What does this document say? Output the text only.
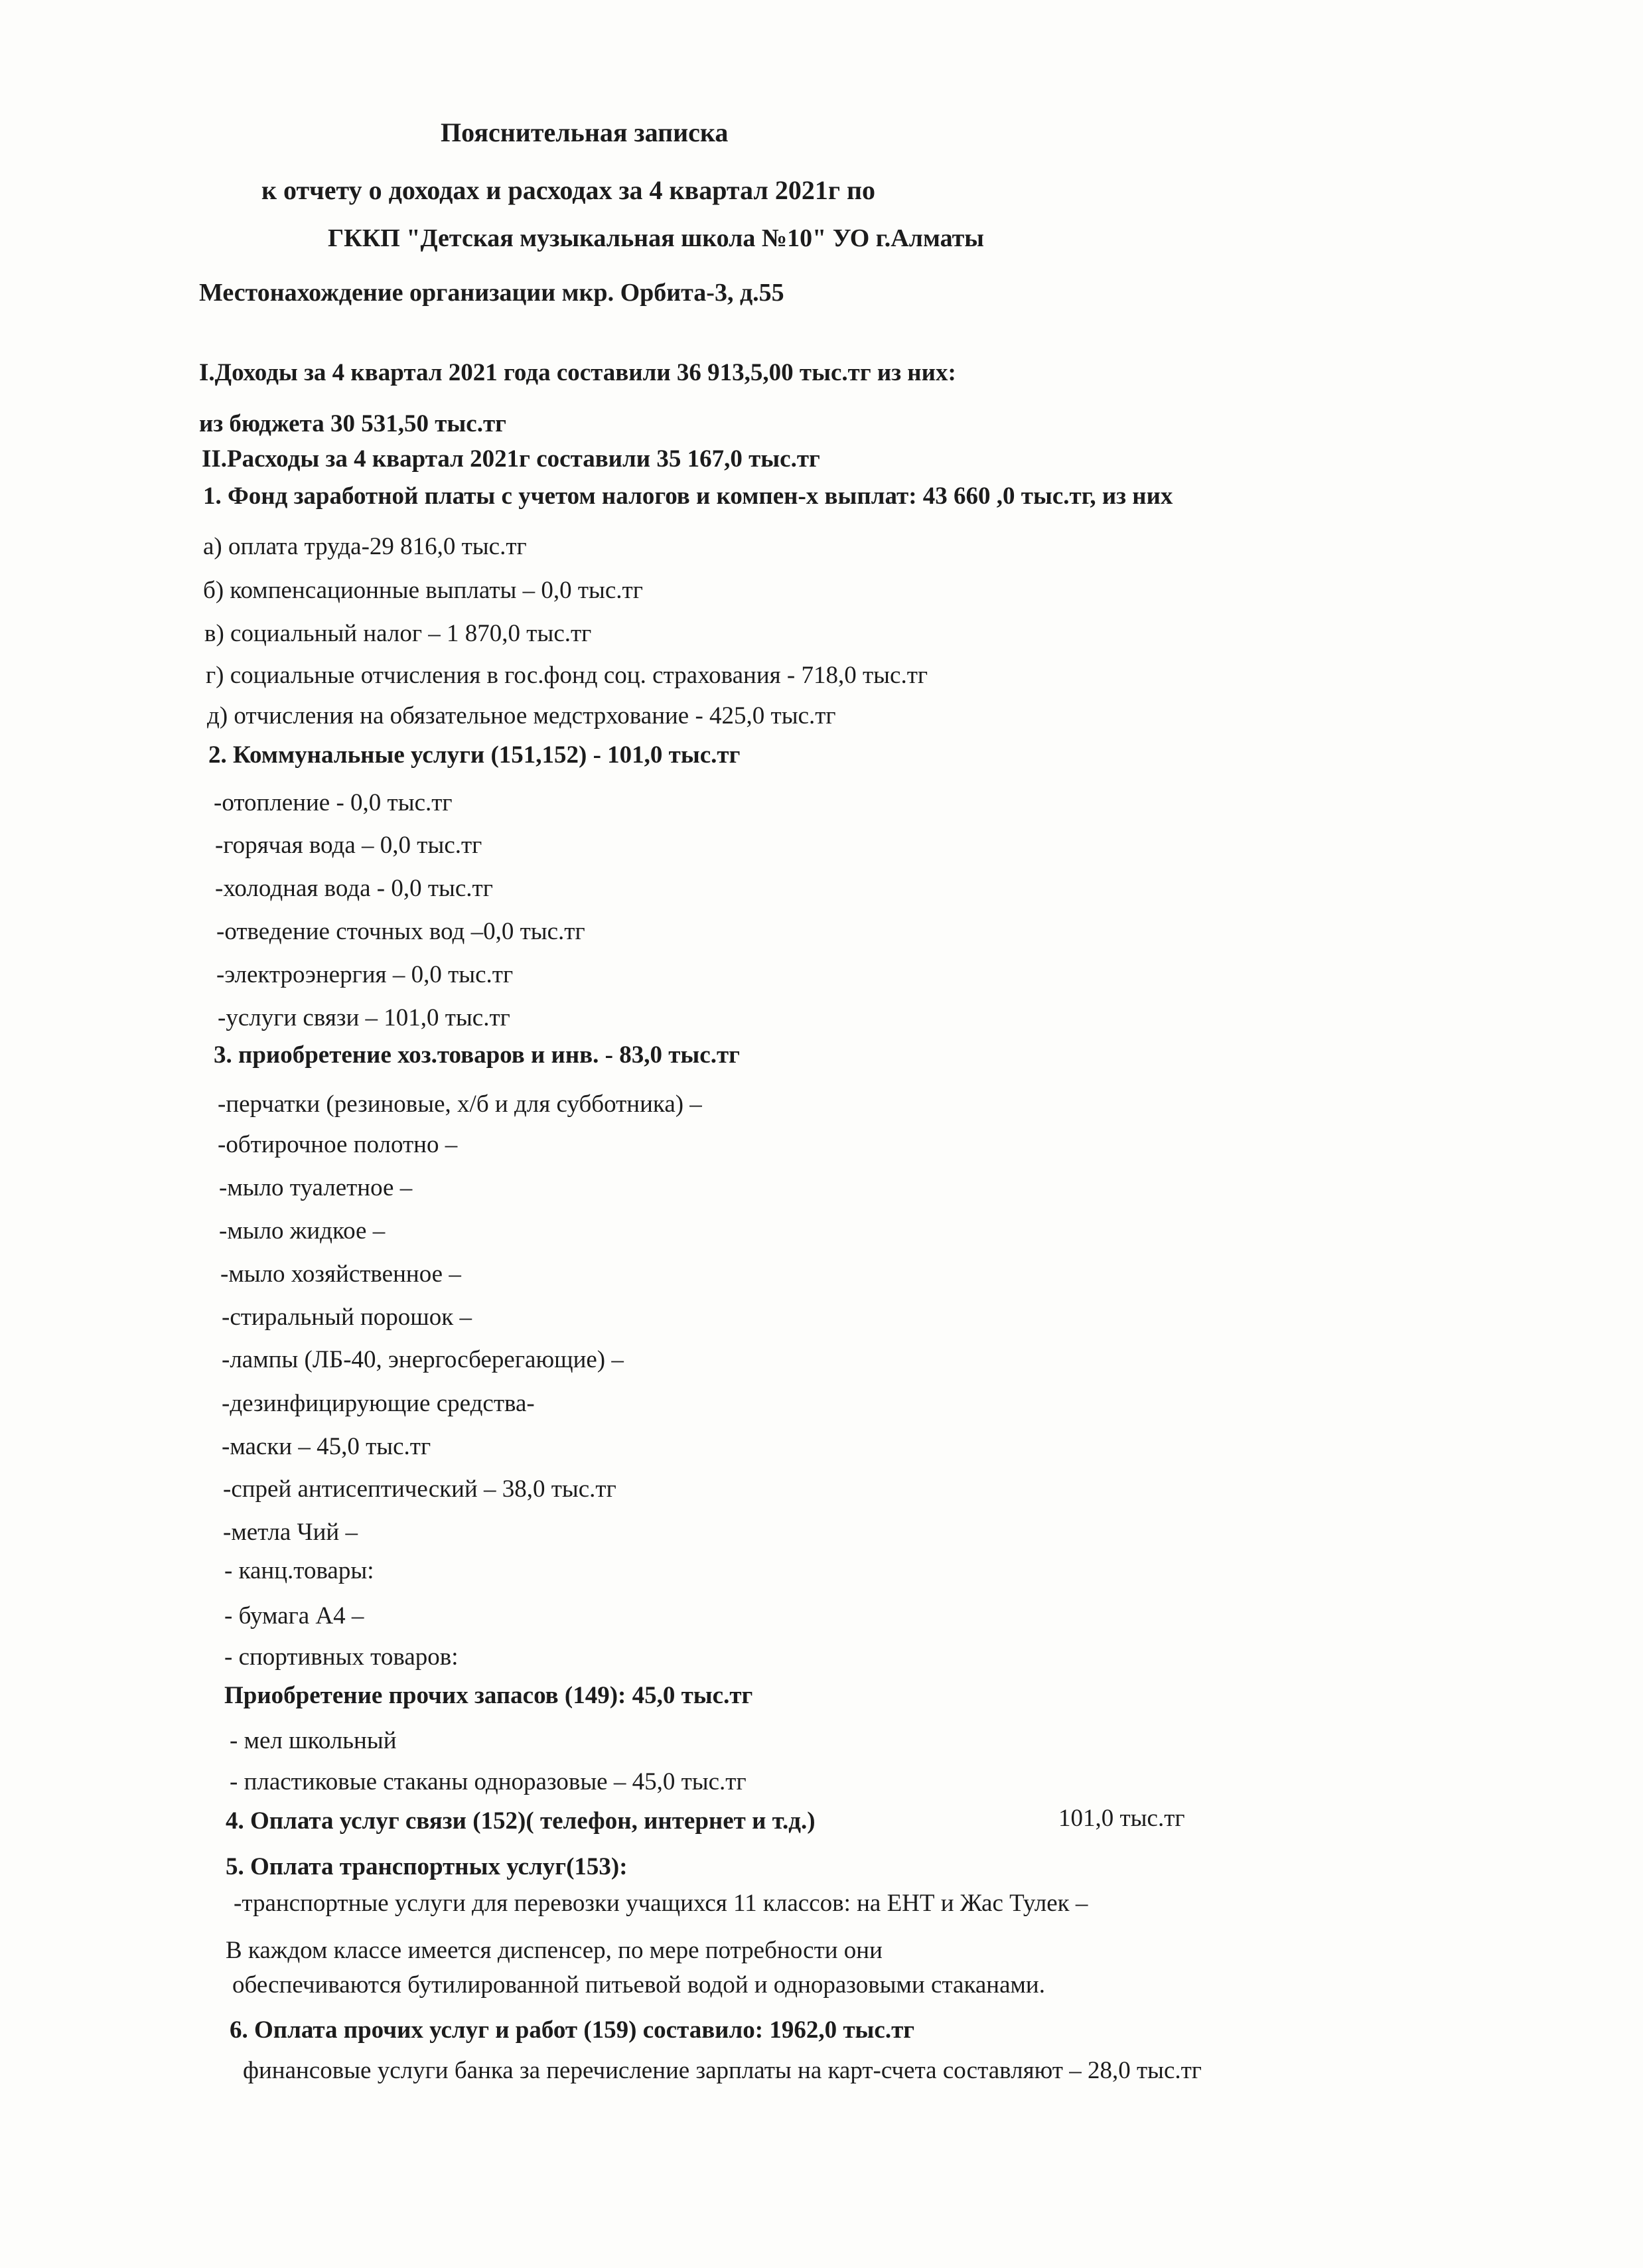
Пояснительная записка
к отчету о доходах и расходах за 4 квартал 2021г по
ГККП "Детская музыкальная школа №10" УО г.Алматы
Местонахождение организации мкр. Орбита-3, д.55
I.Доходы за 4 квартал 2021 года составили 36 913,5,00 тыс.тг из них:
из бюджета 30 531,50 тыс.тг
II.Расходы за 4 квартал 2021г составили 35 167,0 тыс.тг
1. Фонд заработной платы с учетом налогов и компен-х выплат: 43 660 ,0 тыс.тг, из них
а) оплата труда-29 816,0 тыс.тг
б) компенсационные выплаты – 0,0 тыс.тг
в) социальный налог – 1 870,0 тыс.тг
г) социальные отчисления в гос.фонд соц. страхования - 718,0 тыс.тг
д) отчисления на обязательное медстрхование - 425,0 тыс.тг
2. Коммунальные услуги (151,152) - 101,0 тыс.тг
-отопление - 0,0 тыс.тг
-горячая вода – 0,0 тыс.тг
-холодная вода - 0,0 тыс.тг
-отведение сточных вод –0,0 тыс.тг
-электроэнергия – 0,0 тыс.тг
-услуги связи – 101,0 тыс.тг
3. приобретение хоз.товаров и инв. - 83,0 тыс.тг
-перчатки (резиновые, х/б и для субботника) –
-обтирочное полотно –
-мыло туалетное –
-мыло жидкое –
-мыло хозяйственное –
-стиральный порошок –
-лампы (ЛБ-40, энергосберегающие) –
-дезинфицирующие средства-
-маски – 45,0 тыс.тг
-спрей антисептический – 38,0 тыс.тг
-метла Чий –
- канц.товары:
- бумага А4 –
- спортивных товаров:
Приобретение прочих запасов (149): 45,0 тыс.тг
- мел школьный
- пластиковые стаканы одноразовые – 45,0 тыс.тг
4. Оплата услуг связи (152)( телефон, интернет и т.д.)	101,0 тыс.тг
5. Оплата транспортных услуг(153):
-транспортные услуги для перевозки учащихся 11 классов: на ЕНТ и Жас Тулек –
В каждом классе имеется диспенсер, по мере потребности они
обеспечиваются бутилированной питьевой водой и одноразовыми стаканами.
6. Оплата прочих услуг и работ (159) составило: 1962,0 тыс.тг
финансовые услуги банка за перечисление зарплаты на карт-счета составляют – 28,0 тыс.тг
